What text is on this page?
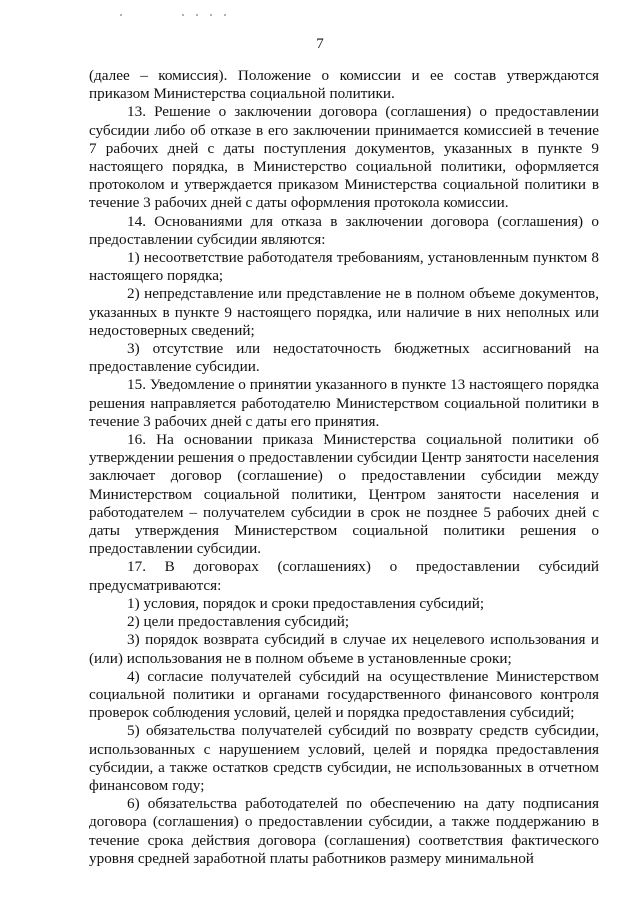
7

(далее – комиссия). Положение о комиссии и ее состав утверждаются приказом Министерства социальной политики.

13. Решение о заключении договора (соглашения) о предоставлении субсидии либо об отказе в его заключении принимается комиссией в течение 7 рабочих дней с даты поступления документов, указанных в пункте 9 настоящего порядка, в Министерство социальной политики, оформляется протоколом и утверждается приказом Министерства социальной политики в течение 3 рабочих дней с даты оформления протокола комиссии.

14. Основаниями для отказа в заключении договора (соглашения) о предоставлении субсидии являются:

1) несоответствие работодателя требованиям, установленным пунктом 8 настоящего порядка;

2) непредставление или представление не в полном объеме документов, указанных в пункте 9 настоящего порядка, или наличие в них неполных или недостоверных сведений;

3) отсутствие или недостаточность бюджетных ассигнований на предоставление субсидии.

15. Уведомление о принятии указанного в пункте 13 настоящего порядка решения направляется работодателю Министерством социальной политики в течение 3 рабочих дней с даты его принятия.

16. На основании приказа Министерства социальной политики об утверждении решения о предоставлении субсидии Центр занятости населения заключает договор (соглашение) о предоставлении субсидии между Министерством социальной политики, Центром занятости населения и работодателем – получателем субсидии в срок не позднее 5 рабочих дней с даты утверждения Министерством социальной политики решения о предоставлении субсидии.

17. В договорах (соглашениях) о предоставлении субсидий предусматриваются:

1) условия, порядок и сроки предоставления субсидий;

2) цели предоставления субсидий;

3) порядок возврата субсидий в случае их нецелевого использования и (или) использования не в полном объеме в установленные сроки;

4) согласие получателей субсидий на осуществление Министерством социальной политики и органами государственного финансового контроля проверок соблюдения условий, целей и порядка предоставления субсидий;

5) обязательства получателей субсидий по возврату средств субсидии, использованных с нарушением условий, целей и порядка предоставления субсидии, а также остатков средств субсидии, не использованных в отчетном финансовом году;

6) обязательства работодателей по обеспечению на дату подписания договора (соглашения) о предоставлении субсидии, а также поддержанию в течение срока действия договора (соглашения) соответствия фактического уровня средней заработной платы работников размеру минимальной
